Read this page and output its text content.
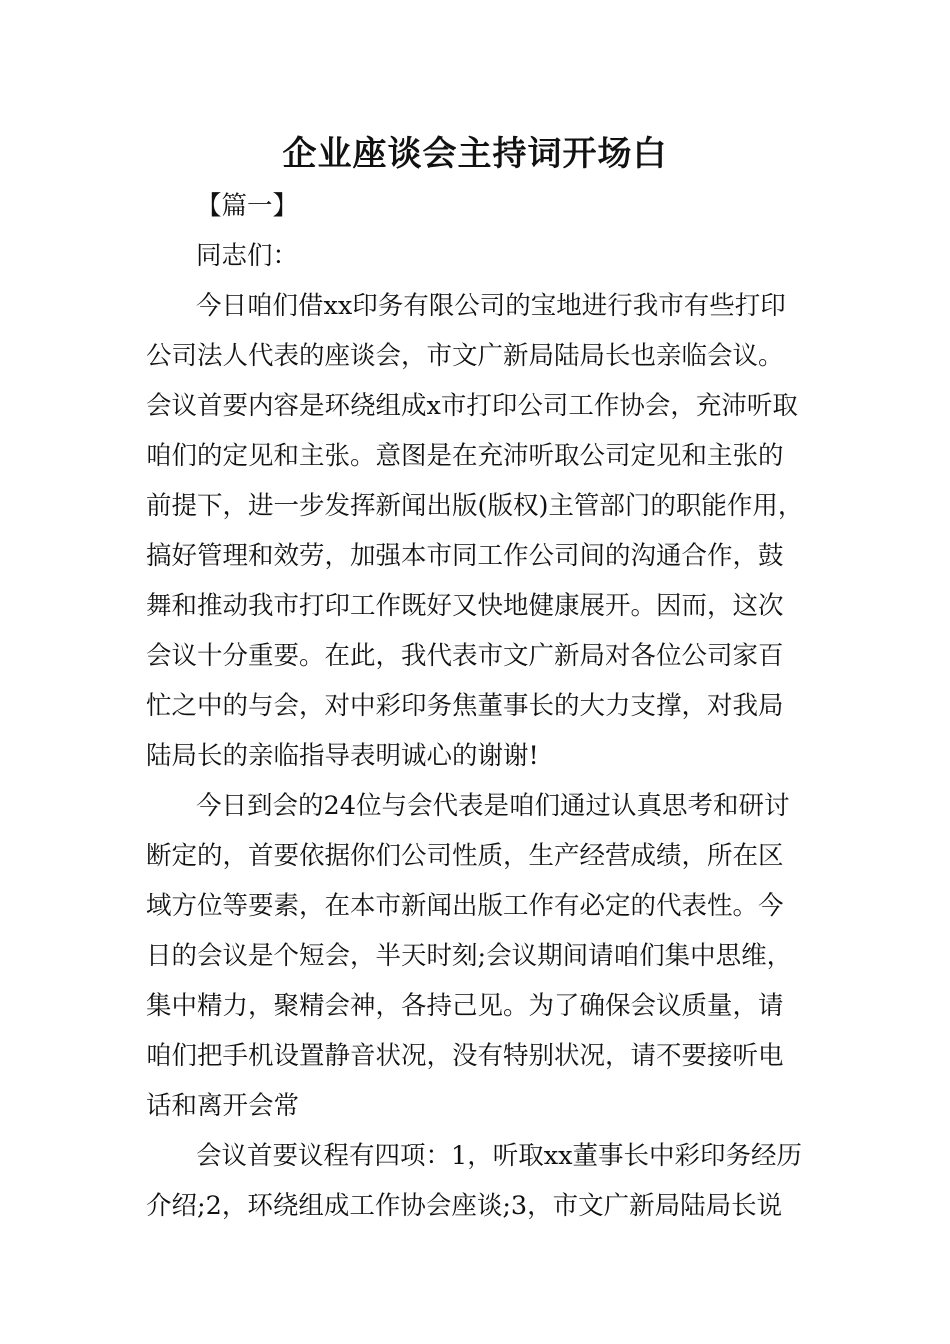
企业座谈会主持词开场白
【篇一】
同志们：
今日咱们借xx印务有限公司的宝地进行我市有些打印
公司法人代表的座谈会，市文广新局陆局长也亲临会议。
会议首要内容是环绕组成x市打印公司工作协会，充沛听取
咱们的定见和主张。意图是在充沛听取公司定见和主张的
前提下，进一步发挥新闻出版(版权)主管部门的职能作用，
搞好管理和效劳，加强本市同工作公司间的沟通合作，鼓
舞和推动我市打印工作既好又快地健康展开。因而，这次
会议十分重要。在此，我代表市文广新局对各位公司家百
忙之中的与会，对中彩印务焦董事长的大力支撑，对我局
陆局长的亲临指导表明诚心的谢谢!
今日到会的24位与会代表是咱们通过认真思考和研讨
断定的，首要依据你们公司性质，生产经营成绩，所在区
域方位等要素，在本市新闻出版工作有必定的代表性。今
日的会议是个短会，半天时刻;会议期间请咱们集中思维，
集中精力，聚精会神，各持己见。为了确保会议质量，请
咱们把手机设置静音状况，没有特别状况，请不要接听电
话和离开会常
会议首要议程有四项：1，听取xx董事长中彩印务经历
介绍;2，环绕组成工作协会座谈;3，市文广新局陆局长说
